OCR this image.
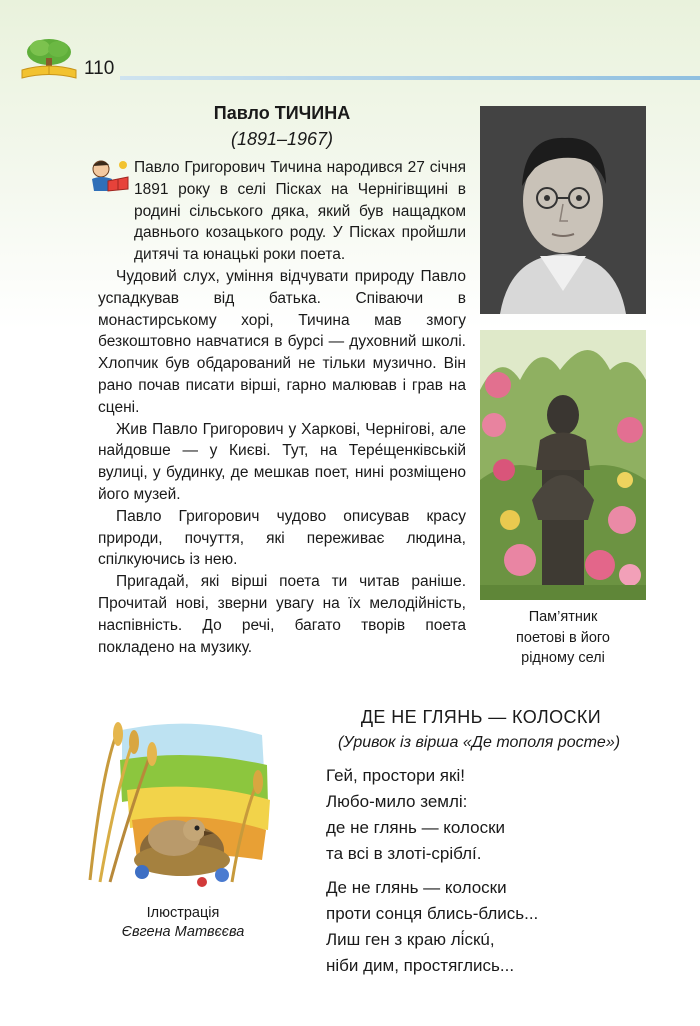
110
Павло ТИЧИНА
(1891–1967)

Павло Григорович Тичина народився 27 січня 1891 року в селі Пісках на Чернігівщині в родині сільського дяка, який був нащадком давнього козацького роду. У Пісках пройшли дитячі та юнацькі роки поета.

Чудовий слух, уміння відчувати природу Павло успадкував від батька. Співаючи в монастирському хорі, Тичина мав змогу безкоштовно навчатися в бурсі — духовний школі. Хлопчик був обдарований не тільки музично. Він рано почав писати вірші, гарно малював і грав на сцені.

Жив Павло Григорович у Харкові, Чернігові, але найдовше — у Києві. Тут, на Тере́щенківській вулиці, у будинку, де мешкав поет, нині розміщено його музей.

Павло Григорович чудово описував красу природи, почуття, які переживає людина, спілкуючись із нею.

Пригадай, які вірші поета ти читав раніше. Прочитай нові, зверни увагу на їх мелодійність, наспівність. До речі, багато творів поета покладено на музику.

Пам’ятник
поетові в його
рідному селі
Ілюстрація
Євгена Матвєєва
ДЕ НЕ ГЛЯНЬ — КОЛОСКИ
(Уривок із вірша «Де тополя росте»)
Гей, простори які!
Любо-мило землі:
де не глянь — колоски
та всі в злоті-сріблí.
Де не глянь — колоски
проти сонця блись-блись...
Лиш ген з краю лі́скú,
ніби дим, простяглись...
